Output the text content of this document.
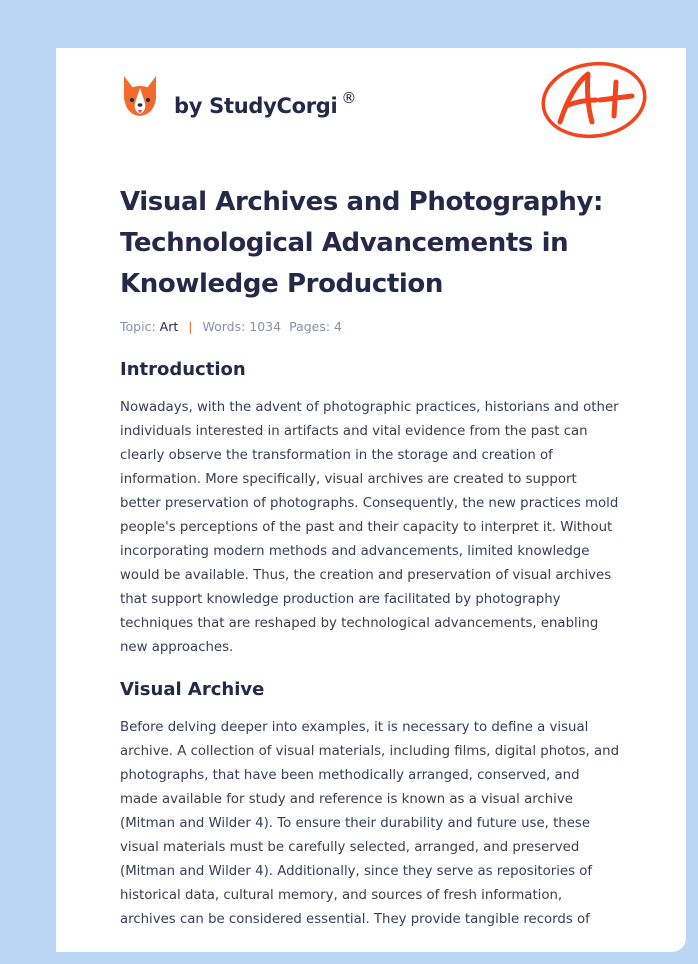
by StudyCorgi ®
Visual Archives and Photography: Technological Advancements in Knowledge Production
Topic: Art | Words: 1034 Pages: 4
Introduction

Nowadays, with the advent of photographic practices, historians and other individuals interested in artifacts and vital evidence from the past can clearly observe the transformation in the storage and creation of information. More specifically, visual archives are created to support better preservation of photographs. Consequently, the new practices mold people's perceptions of the past and their capacity to interpret it. Without incorporating modern methods and advancements, limited knowledge would be available. Thus, the creation and preservation of visual archives that support knowledge production are facilitated by photography techniques that are reshaped by technological advancements, enabling new approaches.

Visual Archive

Before delving deeper into examples, it is necessary to define a visual archive. A collection of visual materials, including films, digital photos, and photographs, that have been methodically arranged, conserved, and made available for study and reference is known as a visual archive (Mitman and Wilder 4). To ensure their durability and future use, these visual materials must be carefully selected, arranged, and preserved (Mitman and Wilder 4). Additionally, since they serve as repositories of historical data, cultural memory, and sources of fresh information, archives can be considered essential. They provide tangible records of
